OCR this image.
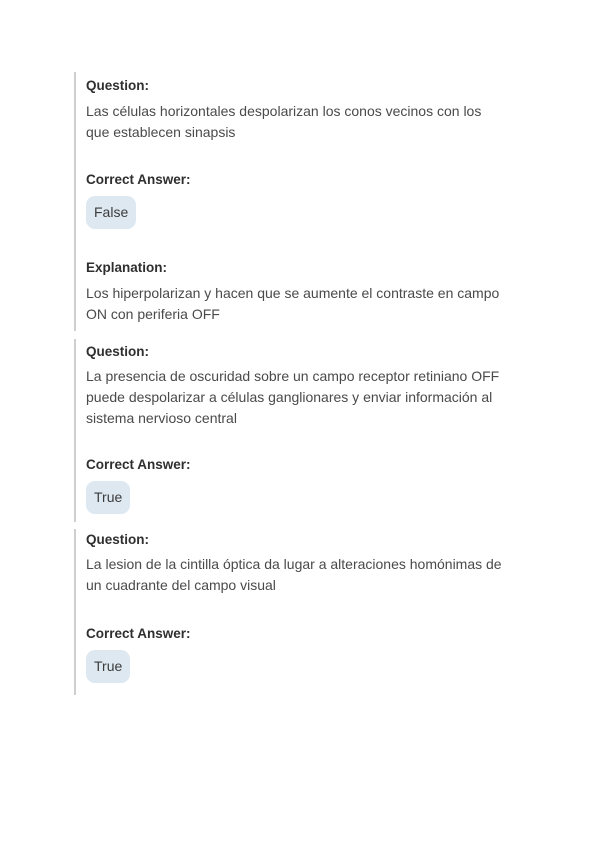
Question:
Las células horizontales despolarizan los conos vecinos con los que establecen sinapsis
Correct Answer:
False
Explanation:
Los hiperpolarizan y hacen que se aumente el contraste en campo ON con periferia OFF
Question:
La presencia de oscuridad sobre un campo receptor retiniano OFF puede despolarizar a células ganglionares y enviar información al sistema nervioso central
Correct Answer:
True
Question:
La lesion de la cintilla óptica da lugar a alteraciones homónimas de un cuadrante del campo visual
Correct Answer:
True
